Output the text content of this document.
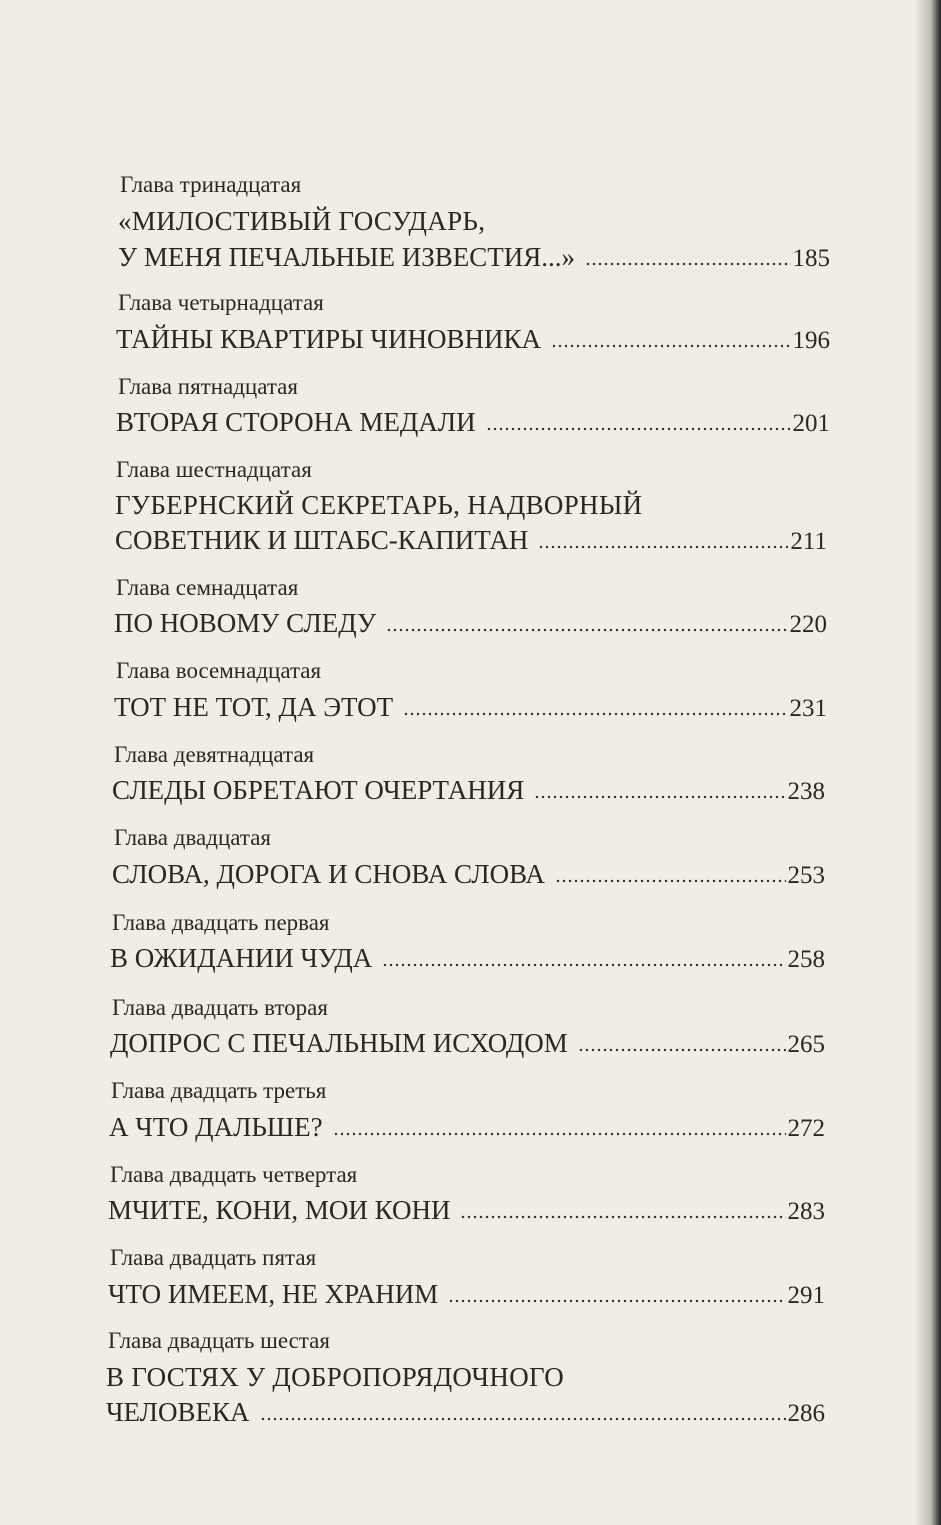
Глава тринадцатая
«МИЛОСТИВЫЙ ГОСУДАРЬ,
У МЕНЯ ПЕЧАЛЬНЫЕ ИЗВЕСТИЯ...»	185
Глава четырнадцатая
ТАЙНЫ КВАРТИРЫ ЧИНОВНИКА	196
Глава пятнадцатая
ВТОРАЯ СТОРОНА МЕДАЛИ	201
Глава шестнадцатая
ГУБЕРНСКИЙ СЕКРЕТАРЬ, НАДВОРНЫЙ
СОВЕТНИК И ШТАБС-КАПИТАН	211
Глава семнадцатая
ПО НОВОМУ СЛЕДУ	220
Глава восемнадцатая
ТОТ НЕ ТОТ, ДА ЭТОТ	231
Глава девятнадцатая
СЛЕДЫ ОБРЕТАЮТ ОЧЕРТАНИЯ	238
Глава двадцатая
СЛОВА, ДОРОГА И СНОВА СЛОВА	253
Глава двадцать первая
В ОЖИДАНИИ ЧУДА	258
Глава двадцать вторая
ДОПРОС С ПЕЧАЛЬНЫМ ИСХОДОМ	265
Глава двадцать третья
А ЧТО ДАЛЬШЕ?	272
Глава двадцать четвертая
МЧИТЕ, КОНИ, МОИ КОНИ	283
Глава двадцать пятая
ЧТО ИМЕЕМ, НЕ ХРАНИМ	291
Глава двадцать шестая
В ГОСТЯХ У ДОБРОПОРЯДОЧНОГО
ЧЕЛОВЕКА	286
